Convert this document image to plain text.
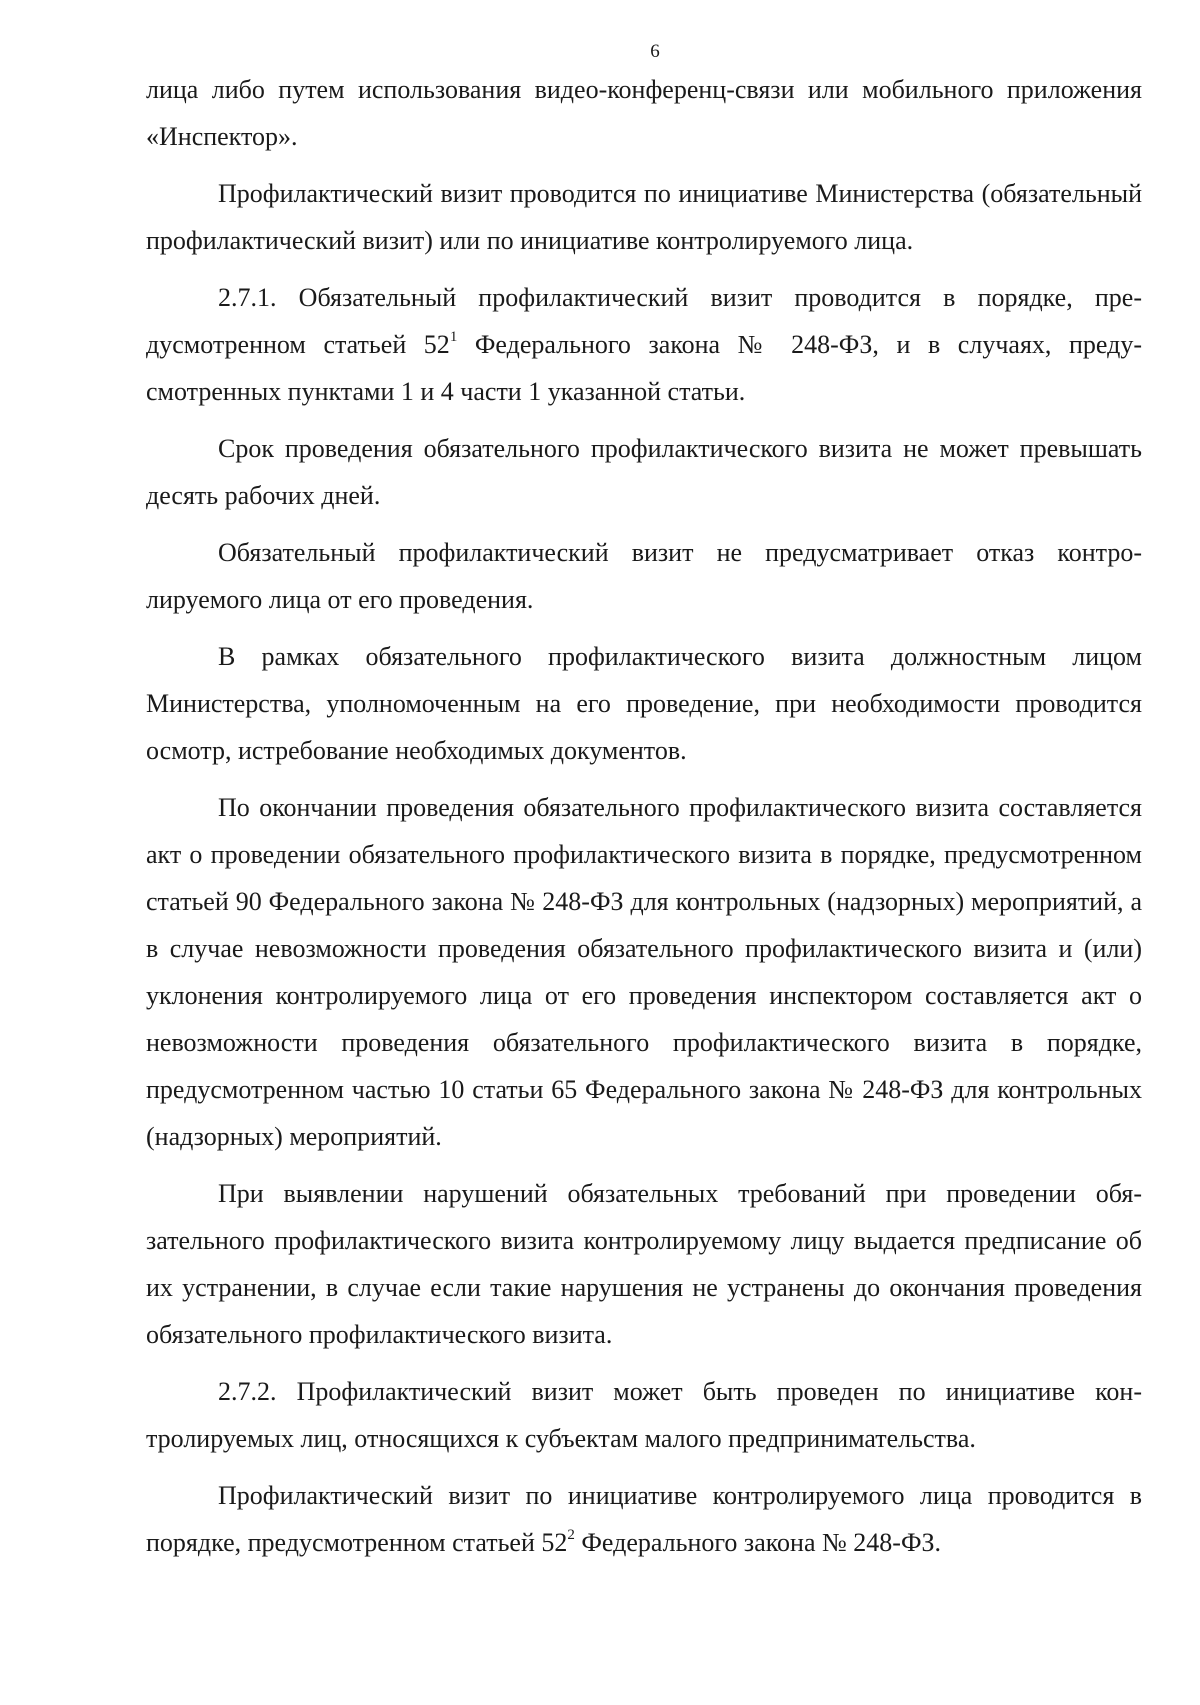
6

лица либо путем использования видео-конференц-связи или мобильного приложения «Инспектор».

Профилактический визит проводится по инициативе Министерства (обязательный профилактический визит) или по инициативе контролируемого лица.

2.7.1. Обязательный профилактический визит проводится в порядке, предусмотренном статьей $52^1$ Федерального закона № 248-ФЗ, и в случаях, предусмотренных пунктами 1 и 4 части 1 указанной статьи.

Срок проведения обязательного профилактического визита не может превышать десять рабочих дней.

Обязательный профилактический визит не предусматривает отказ контролируемого лица от его проведения.

В рамках обязательного профилактического визита должностным лицом Министерства, уполномоченным на его проведение, при необходимости проводится осмотр, истребование необходимых документов.

По окончании проведения обязательного профилактического визита составляется акт о проведении обязательного профилактического визита в порядке, предусмотренном статьей 90 Федерального закона № 248-ФЗ для контрольных (надзорных) мероприятий, а в случае невозможности проведения обязательного профилактического визита и (или) уклонения контролируемого лица от его проведения инспектором составляется акт о невозможности проведения обязательного профилактического визита в порядке, предусмотренном частью 10 статьи 65 Федерального закона № 248-ФЗ для контрольных (надзорных) мероприятий.

При выявлении нарушений обязательных требований при проведении обязательного профилактического визита контролируемому лицу выдается предписание об их устранении, в случае если такие нарушения не устранены до окончания проведения обязательного профилактического визита.

2.7.2. Профилактический визит может быть проведен по инициативе контролируемых лиц, относящихся к субъектам малого предпринимательства.

Профилактический визит по инициативе контролируемого лица проводится в порядке, предусмотренном статьей $52^2$ Федерального закона № 248-ФЗ.
